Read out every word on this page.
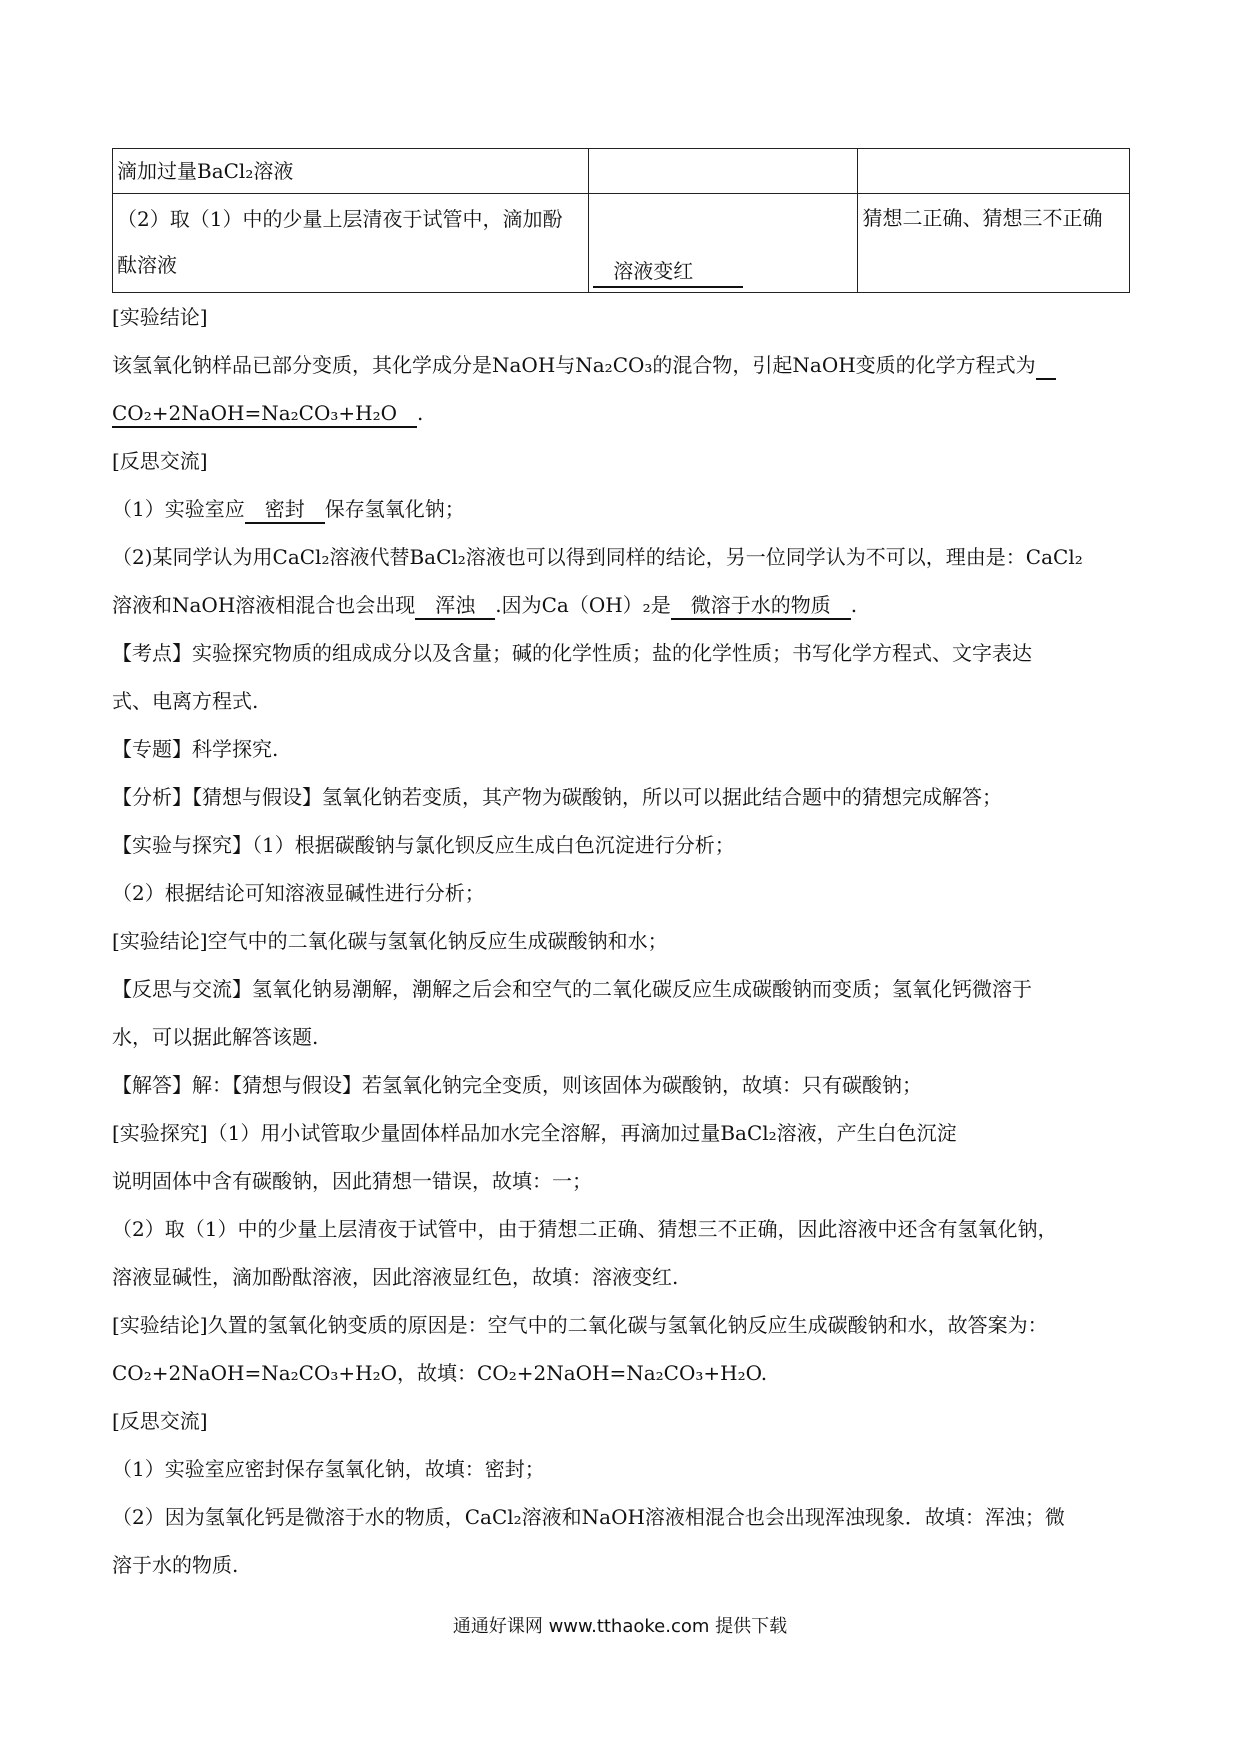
滴加过量BaCl₂溶液		

（2）取（1）中的少量上层清夜于试管中，滴加酚
酞溶液	溶液变红	猜想二正确、猜想三不正确
[实验结论]
该氢氧化钠样品已部分变质，其化学成分是NaOH与Na₂CO₃的混合物，引起NaOH变质的化学方程式为　
CO₂+2NaOH=Na₂CO₃+H₂O　.
[反思交流]
（1）实验室应　密封　保存氢氧化钠；
（2)某同学认为用CaCl₂溶液代替BaCl₂溶液也可以得到同样的结论，另一位同学认为不可以，理由是：CaCl₂
溶液和NaOH溶液相混合也会出现　浑浊　.因为Ca（OH）₂是　微溶于水的物质　.
【考点】实验探究物质的组成成分以及含量；碱的化学性质；盐的化学性质；书写化学方程式、文字表达
式、电离方程式.
【专题】科学探究.
【分析】【猜想与假设】氢氧化钠若变质，其产物为碳酸钠，所以可以据此结合题中的猜想完成解答；
【实验与探究】（1）根据碳酸钠与氯化钡反应生成白色沉淀进行分析；
（2）根据结论可知溶液显碱性进行分析；
[实验结论]空气中的二氧化碳与氢氧化钠反应生成碳酸钠和水；
【反思与交流】氢氧化钠易潮解，潮解之后会和空气的二氧化碳反应生成碳酸钠而变质；氢氧化钙微溶于
水，可以据此解答该题.
【解答】解：【猜想与假设】若氢氧化钠完全变质，则该固体为碳酸钠，故填：只有碳酸钠；
[实验探究]（1）用小试管取少量固体样品加水完全溶解，再滴加过量BaCl₂溶液，产生白色沉淀
说明固体中含有碳酸钠，因此猜想一错误，故填：一；
（2）取（1）中的少量上层清夜于试管中，由于猜想二正确、猜想三不正确，因此溶液中还含有氢氧化钠，
溶液显碱性，滴加酚酞溶液，因此溶液显红色，故填：溶液变红.
[实验结论]久置的氢氧化钠变质的原因是：空气中的二氧化碳与氢氧化钠反应生成碳酸钠和水，故答案为：
CO₂+2NaOH=Na₂CO₃+H₂O，故填：CO₂+2NaOH=Na₂CO₃+H₂O.
[反思交流]
（1）实验室应密封保存氢氧化钠，故填：密封；
（2）因为氢氧化钙是微溶于水的物质，CaCl₂溶液和NaOH溶液相混合也会出现浑浊现象．故填：浑浊；微
溶于水的物质.
通通好课网 www.tthaoke.com 提供下载
